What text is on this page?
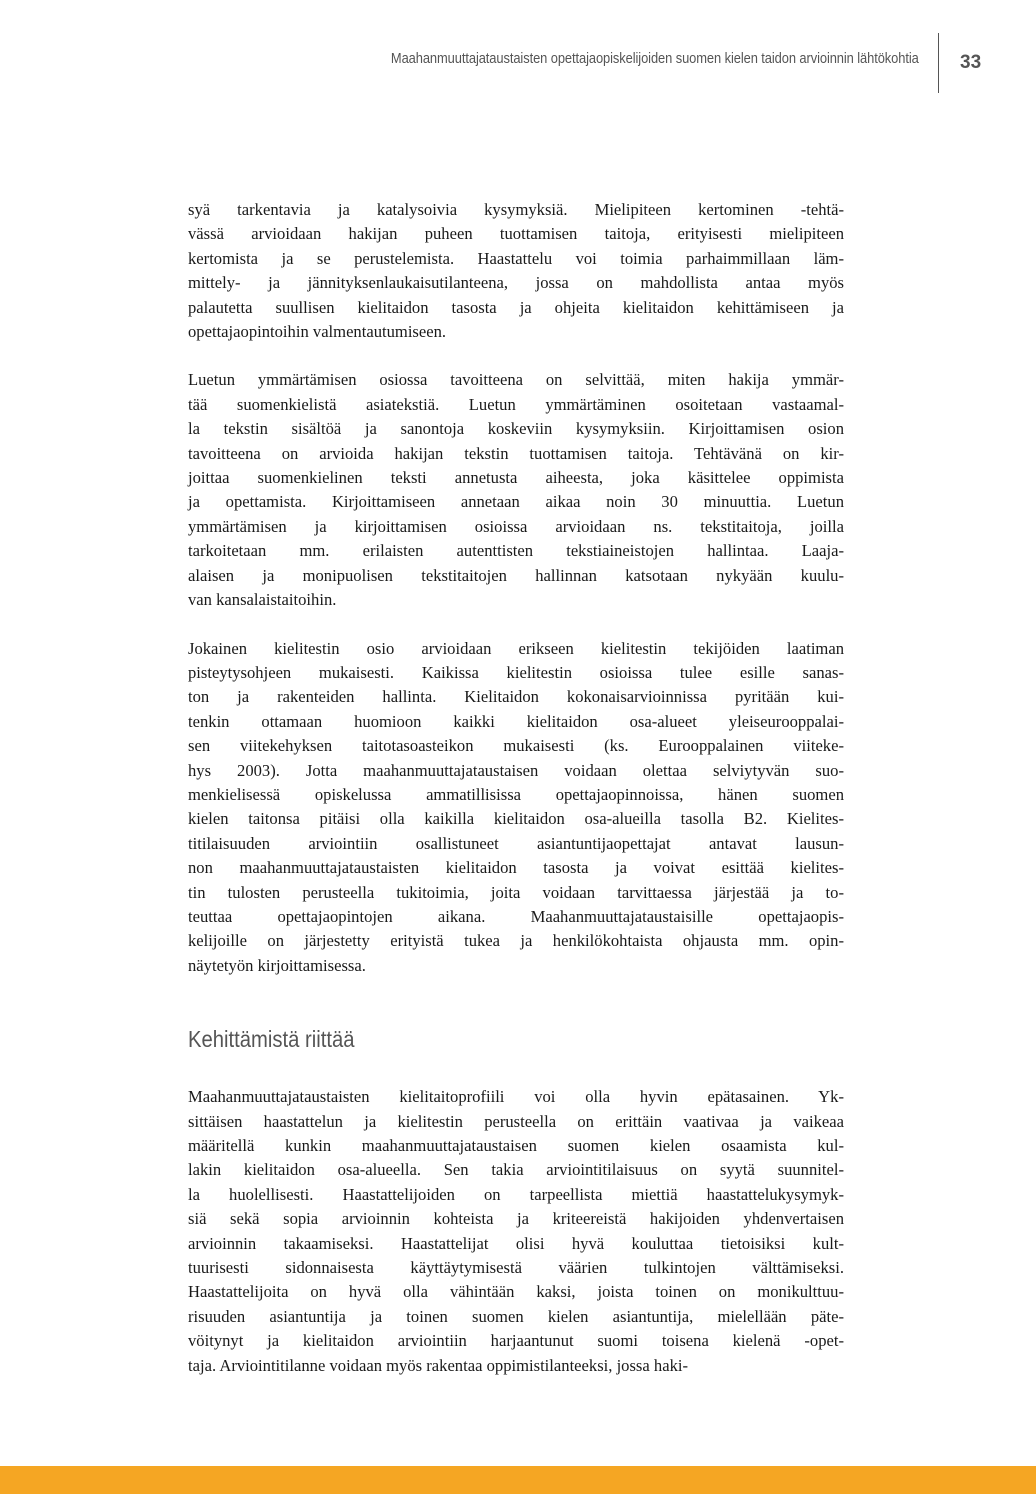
Maahanmuuttajataustaisten opettajaopiskelijoiden suomen kielen taidon arvioinnin lähtökohtia 33

syä tarkentavia ja katalysoivia kysymyksiä. Mielipiteen kertominen -tehtä-
vässä arvioidaan hakijan puheen tuottamisen taitoja, erityisesti mielipiteen
kertomista ja se perustelemista. Haastattelu voi toimia parhaimmillaan läm-
mittely- ja jännityksenlaukaisutilanteena, jossa on mahdollista antaa myös
palautetta suullisen kielitaidon tasosta ja ohjeita kielitaidon kehittämiseen ja
opettajaopintoihin valmentautumiseen.

Luetun ymmärtämisen osiossa tavoitteena on selvittää, miten hakija ymmär-
tää suomenkielistä asiatekstiä. Luetun ymmärtäminen osoitetaan vastaamal-
la tekstin sisältöä ja sanontoja koskeviin kysymyksiin. Kirjoittamisen osion
tavoitteena on arvioida hakijan tekstin tuottamisen taitoja. Tehtävänä on kir-
joittaa suomenkielinen teksti annetusta aiheesta, joka käsittelee oppimista
ja opettamista. Kirjoittamiseen annetaan aikaa noin 30 minuuttia. Luetun
ymmärtämisen ja kirjoittamisen osioissa arvioidaan ns. tekstitaitoja, joilla
tarkoitetaan mm. erilaisten autenttisten tekstiaineistojen hallintaa. Laaja-
alaisen ja monipuolisen tekstitaitojen hallinnan katsotaan nykyään kuulu-
van kansalaistaitoihin.

Jokainen kielitestin osio arvioidaan erikseen kielitestin tekijöiden laatiman
pisteytysohjeen mukaisesti. Kaikissa kielitestin osioissa tulee esille sanas-
ton ja rakenteiden hallinta. Kielitaidon kokonaisarvioinnissa pyritään kui-
tenkin ottamaan huomioon kaikki kielitaidon osa-alueet yleiseurooppalai-
sen viitekehyksen taitotasoasteikon mukaisesti (ks. Eurooppalainen viiteke-
hys 2003). Jotta maahanmuuttajataustaisen voidaan olettaa selviytyvän suo-
menkielisessä opiskelussa ammatillisissa opettajaopinnoissa, hänen suomen
kielen taitonsa pitäisi olla kaikilla kielitaidon osa-alueilla tasolla B2. Kielites-
titilaisuuden arviointiin osallistuneet asiantuntijaopettajat antavat lausun-
non maahanmuuttajataustaisten kielitaidon tasosta ja voivat esittää kielites-
tin tulosten perusteella tukitoimia, joita voidaan tarvittaessa järjestää ja to-
teuttaa opettajaopintojen aikana. Maahanmuuttajataustaisille opettajaopis-
kelijoille on järjestetty erityistä tukea ja henkilökohtaista ohjausta mm. opin-
näytetyön kirjoittamisessa.

Kehittämistä riittää

Maahanmuuttajataustaisten kielitaitoprofiili voi olla hyvin epätasainen. Yk-
sittäisen haastattelun ja kielitestin perusteella on erittäin vaativaa ja vaikeaa
määritellä kunkin maahanmuuttajataustaisen suomen kielen osaamista kul-
lakin kielitaidon osa-alueella. Sen takia arviointitilaisuus on syytä suunnitel-
la huolellisesti. Haastattelijoiden on tarpeellista miettiä haastattelukysymyk-
siä sekä sopia arvioinnin kohteista ja kriteereistä hakijoiden yhdenvertaisen
arvioinnin takaamiseksi. Haastattelijat olisi hyvä kouluttaa tietoisiksi kult-
tuurisesti sidonnaisesta käyttäytymisestä väärien tulkintojen välttämiseksi.
Haastattelijoita on hyvä olla vähintään kaksi, joista toinen on monikulttuu-
risuuden asiantuntija ja toinen suomen kielen asiantuntija, mielellään päte-
vöitynyt ja kielitaidon arviointiin harjaantunut suomi toisena kielenä -opet-
taja. Arviointitilanne voidaan myös rakentaa oppimistilanteeksi, jossa haki-
